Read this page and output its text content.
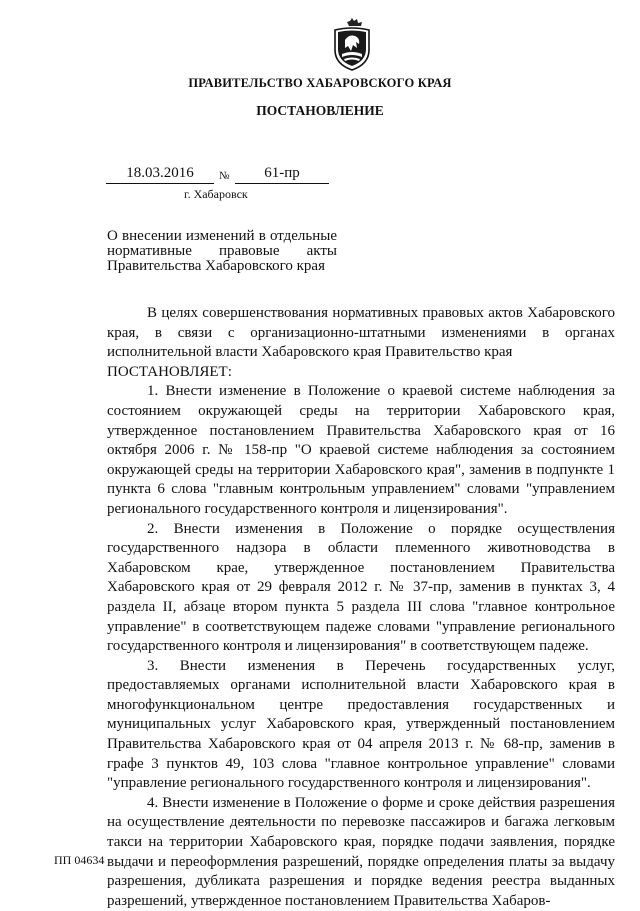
ПРАВИТЕЛЬСТВО ХАБАРОВСКОГО КРАЯ
ПОСТАНОВЛЕНИЕ
18.03.2016	№	61-пр
г. Хабаровск
О внесении изменений в отдельные нормативные правовые акты Правительства Хабаровского края

В целях совершенствования нормативных правовых актов Хабаровского края, в связи с организационно-штатными изменениями в органах исполнительной власти Хабаровского края Правительство края

ПОСТАНОВЛЯЕТ:

1. Внести изменение в Положение о краевой системе наблюдения за состоянием окружающей среды на территории Хабаровского края, утвержденное постановлением Правительства Хабаровского края от 16 октября 2006 г. № 158-пр "О краевой системе наблюдения за состоянием окружающей среды на территории Хабаровского края", заменив в подпункте 1 пункта 6 слова "главным контрольным управлением" словами "управлением регионального государственного контроля и лицензирования".

2. Внести изменения в Положение о порядке осуществления государственного надзора в области племенного животноводства в Хабаровском крае, утвержденное постановлением Правительства Хабаровского края от 29 февраля 2012 г. № 37-пр, заменив в пунктах 3, 4 раздела II, абзаце втором пункта 5 раздела III слова "главное контрольное управление" в соответствующем падеже словами "управление регионального государственного контроля и лицензирования" в соответствующем падеже.

3. Внести изменения в Перечень государственных услуг, предоставляемых органами исполнительной власти Хабаровского края в многофункциональном центре предоставления государственных и муниципальных услуг Хабаровского края, утвержденный постановлением Правительства Хабаровского края от 04 апреля 2013 г. № 68-пр, заменив в графе 3 пунктов 49, 103 слова "главное контрольное управление" словами "управление регионального государственного контроля и лицензирования".

4. Внести изменение в Положение о форме и сроке действия разрешения на осуществление деятельности по перевозке пассажиров и багажа легковым такси на территории Хабаровского края, порядке подачи заявления, порядке выдачи и переоформления разрешений, порядке определения платы за выдачу разрешения, дубликата разрешения и порядке ведения реестра выданных разрешений, утвержденное постановлением Правительства Хабаров-

ПП 04634
